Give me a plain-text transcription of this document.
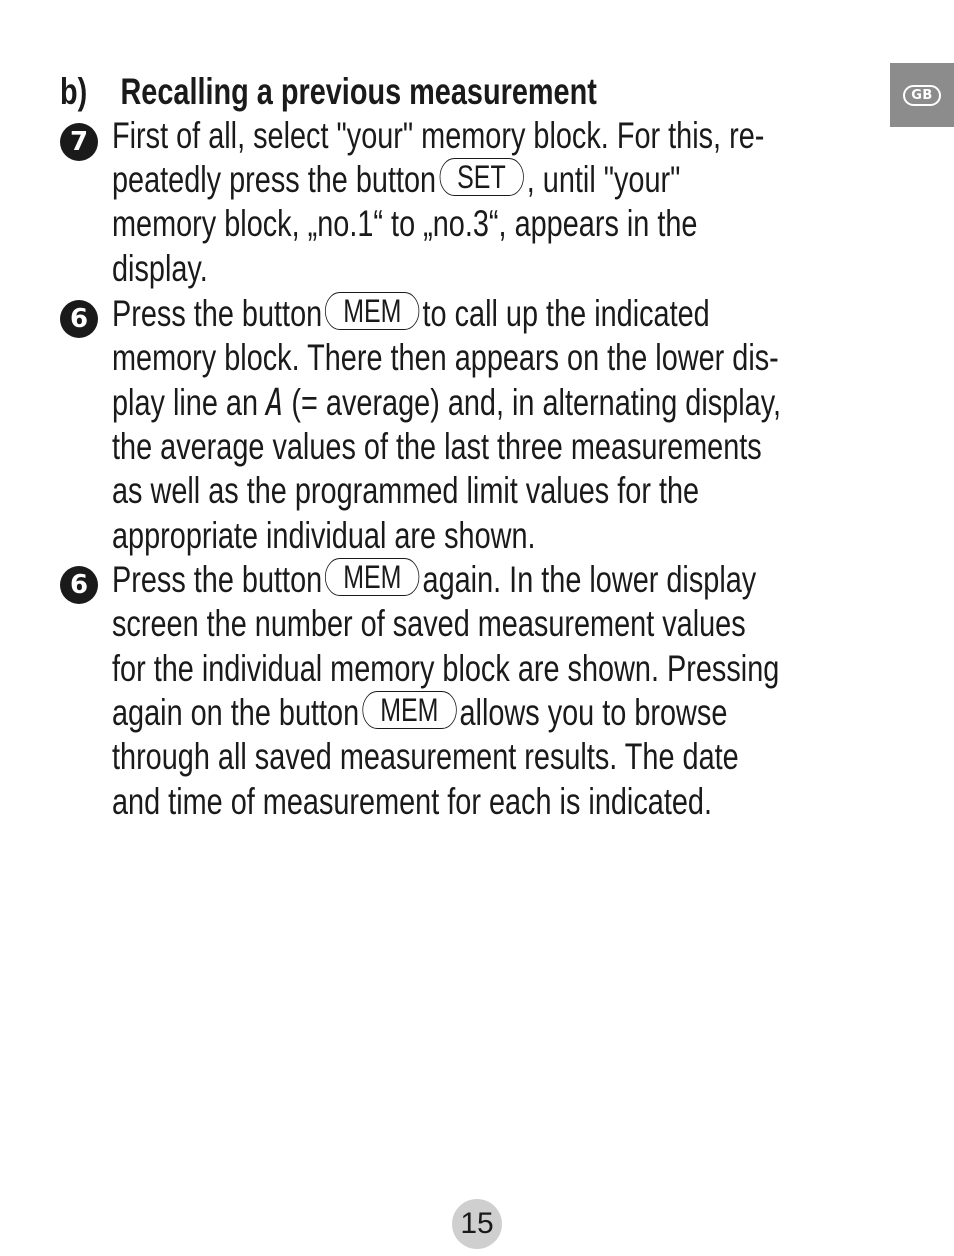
GB
b) Recalling a previous measurement
7 First of all, select "your" memory block. For this, re-
peatedly press the button SET , until "your"
memory block, „no.1“ to „no.3“, appears in the
display.
6 Press the button MEM to call up the indicated
memory block. There then appears on the lower dis-
play line an A (= average) and, in alternating display,
the average values of the last three measurements
as well as the programmed limit values for the
appropriate individual are shown.
6 Press the button MEM again. In the lower display
screen the number of saved measurement values
for the individual memory block are shown. Pressing
again on the button MEM allows you to browse
through all saved measurement results. The date
and time of measurement for each is indicated.
15
